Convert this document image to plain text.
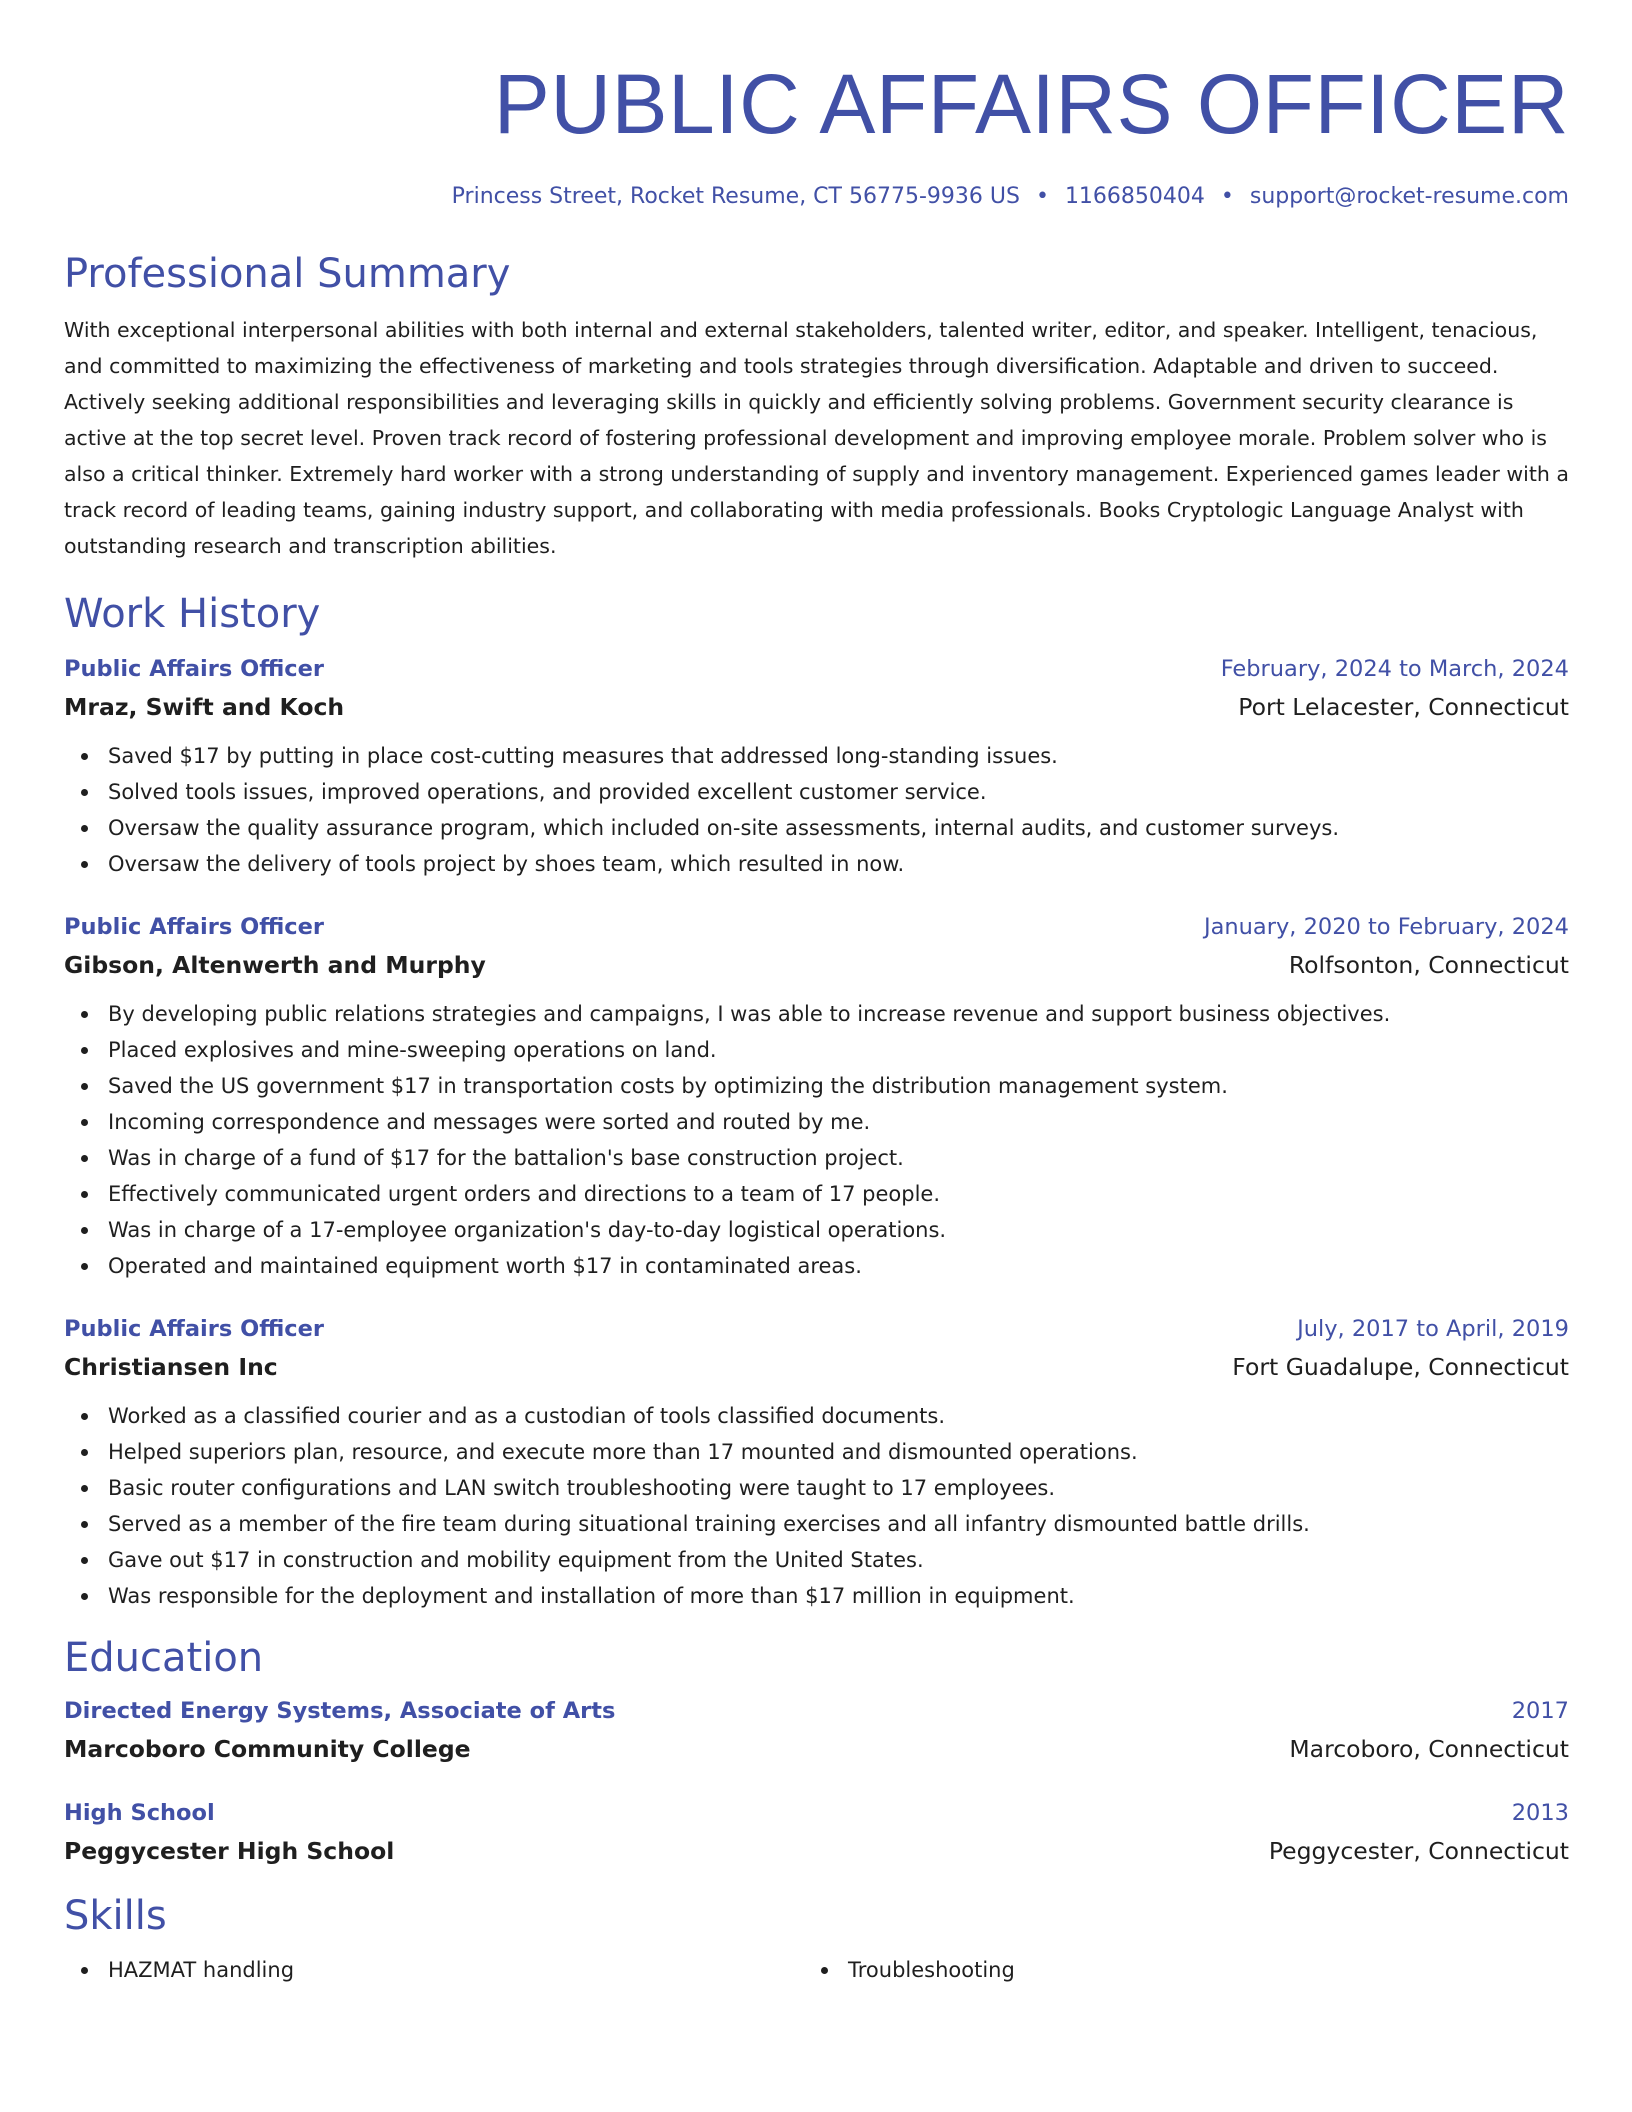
PUBLIC AFFAIRS OFFICER
Princess Street, Rocket Resume, CT 56775-9936 US • 1166850404 • support@rocket-resume.com
Professional Summary
With exceptional interpersonal abilities with both internal and external stakeholders, talented writer, editor, and speaker. Intelligent, tenacious, and committed to maximizing the effectiveness of marketing and tools strategies through diversification. Adaptable and driven to succeed. Actively seeking additional responsibilities and leveraging skills in quickly and efficiently solving problems. Government security clearance is active at the top secret level. Proven track record of fostering professional development and improving employee morale. Problem solver who is also a critical thinker. Extremely hard worker with a strong understanding of supply and inventory management. Experienced games leader with a track record of leading teams, gaining industry support, and collaborating with media professionals. Books Cryptologic Language Analyst with outstanding research and transcription abilities.
Work History
Public Affairs Officer	February, 2024 to March, 2024
Mraz, Swift and Koch	Port Lelacester, Connecticut
Saved $17 by putting in place cost-cutting measures that addressed long-standing issues.
Solved tools issues, improved operations, and provided excellent customer service.
Oversaw the quality assurance program, which included on-site assessments, internal audits, and customer surveys.
Oversaw the delivery of tools project by shoes team, which resulted in now.
Public Affairs Officer	January, 2020 to February, 2024
Gibson, Altenwerth and Murphy	Rolfsonton, Connecticut
By developing public relations strategies and campaigns, I was able to increase revenue and support business objectives.
Placed explosives and mine-sweeping operations on land.
Saved the US government $17 in transportation costs by optimizing the distribution management system.
Incoming correspondence and messages were sorted and routed by me.
Was in charge of a fund of $17 for the battalion's base construction project.
Effectively communicated urgent orders and directions to a team of 17 people.
Was in charge of a 17-employee organization's day-to-day logistical operations.
Operated and maintained equipment worth $17 in contaminated areas.
Public Affairs Officer	July, 2017 to April, 2019
Christiansen Inc	Fort Guadalupe, Connecticut
Worked as a classified courier and as a custodian of tools classified documents.
Helped superiors plan, resource, and execute more than 17 mounted and dismounted operations.
Basic router configurations and LAN switch troubleshooting were taught to 17 employees.
Served as a member of the fire team during situational training exercises and all infantry dismounted battle drills.
Gave out $17 in construction and mobility equipment from the United States.
Was responsible for the deployment and installation of more than $17 million in equipment.
Education
Directed Energy Systems, Associate of Arts	2017
Marcoboro Community College	Marcoboro, Connecticut
High School	2013
Peggycester High School	Peggycester, Connecticut
Skills
HAZMAT handling	Troubleshooting
